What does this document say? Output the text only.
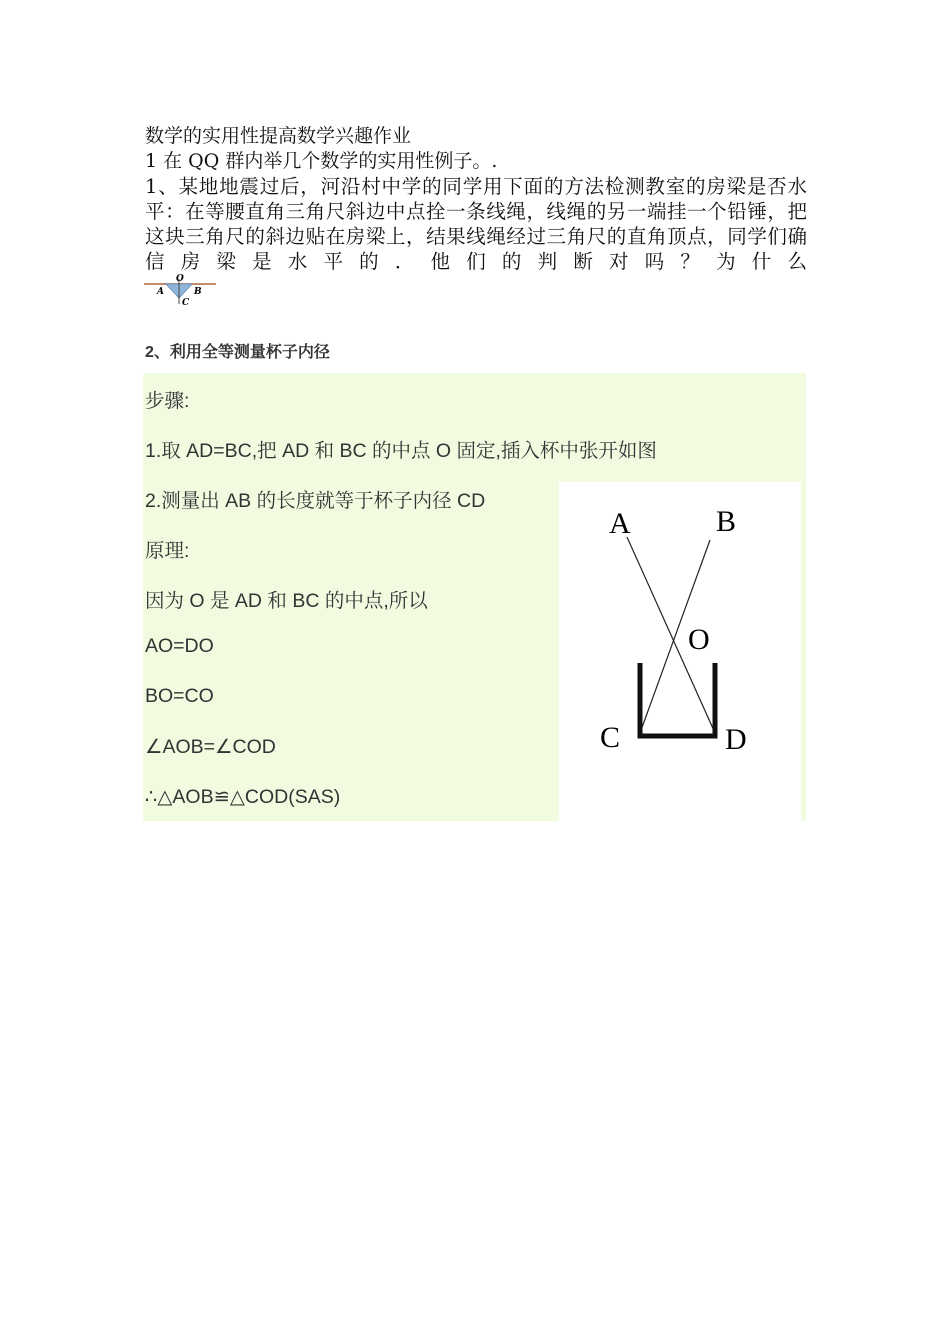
数学的实用性提高数学兴趣作业
1 在 QQ 群内举几个数学的实用性例子。.
1、某地地震过后，河沿村中学的同学用下面的方法检测教室的房梁是否水平：在等腰直角三角尺斜边中点拴一条线绳，线绳的另一端挂一个铅锤，把这块三角尺的斜边贴在房梁上，结果线绳经过三角尺的直角顶点，同学们确信房梁是水平的．他们的判断对吗？为什么
O
A	B
C
2、利用全等测量杯子内径
步骤:
1.取 AD=BC,把 AD 和 BC 的中点 O 固定,插入杯中张开如图
2.测量出 AB 的长度就等于杯子内径 CD
原理:
因为 O 是 AD 和 BC 的中点,所以
AO=DO
BO=CO
∠AOB=∠COD
∴△AOB≌△COD(SAS)
A	B
O
C	D
